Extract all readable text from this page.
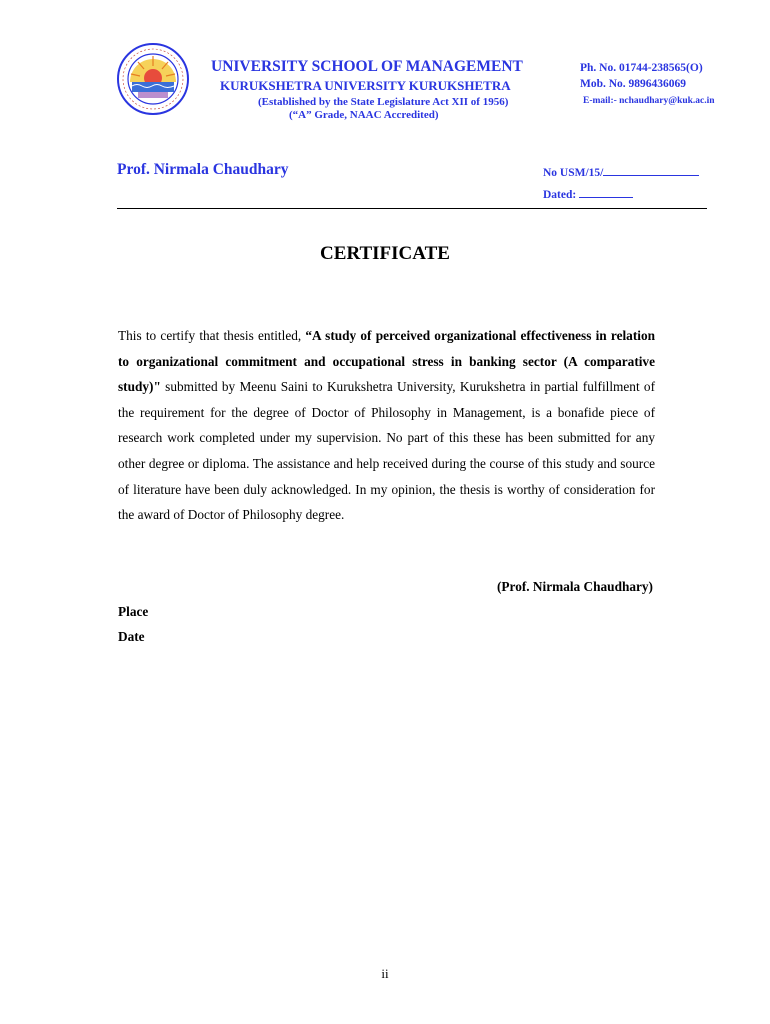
UNIVERSITY SCHOOL OF MANAGEMENT
KURUKSHETRA UNIVERSITY KURUKSHETRA
(Established by the State Legislature Act XII of 1956)
(“A” Grade, NAAC Accredited)
Ph. No. 01744-238565(O)
Mob. No. 9896436069
E-mail:- nchaudhary@kuk.ac.in
Prof. Nirmala Chaudhary	No USM/15/
Dated:
CERTIFICATE
This to certify that thesis entitled, “A study of perceived organizational effectiveness in relation to organizational commitment and occupational stress in banking sector (A comparative study)" submitted by Meenu Saini to Kurukshetra University, Kurukshetra in partial fulfillment of the requirement for the degree of Doctor of Philosophy in Management, is a bonafide piece of research work completed under my supervision. No part of this these has been submitted for any other degree or diploma. The assistance and help received during the course of this study and source of literature have been duly acknowledged. In my opinion, the thesis is worthy of consideration for the award of Doctor of Philosophy degree.
(Prof. Nirmala Chaudhary)
Place
Date
ii
